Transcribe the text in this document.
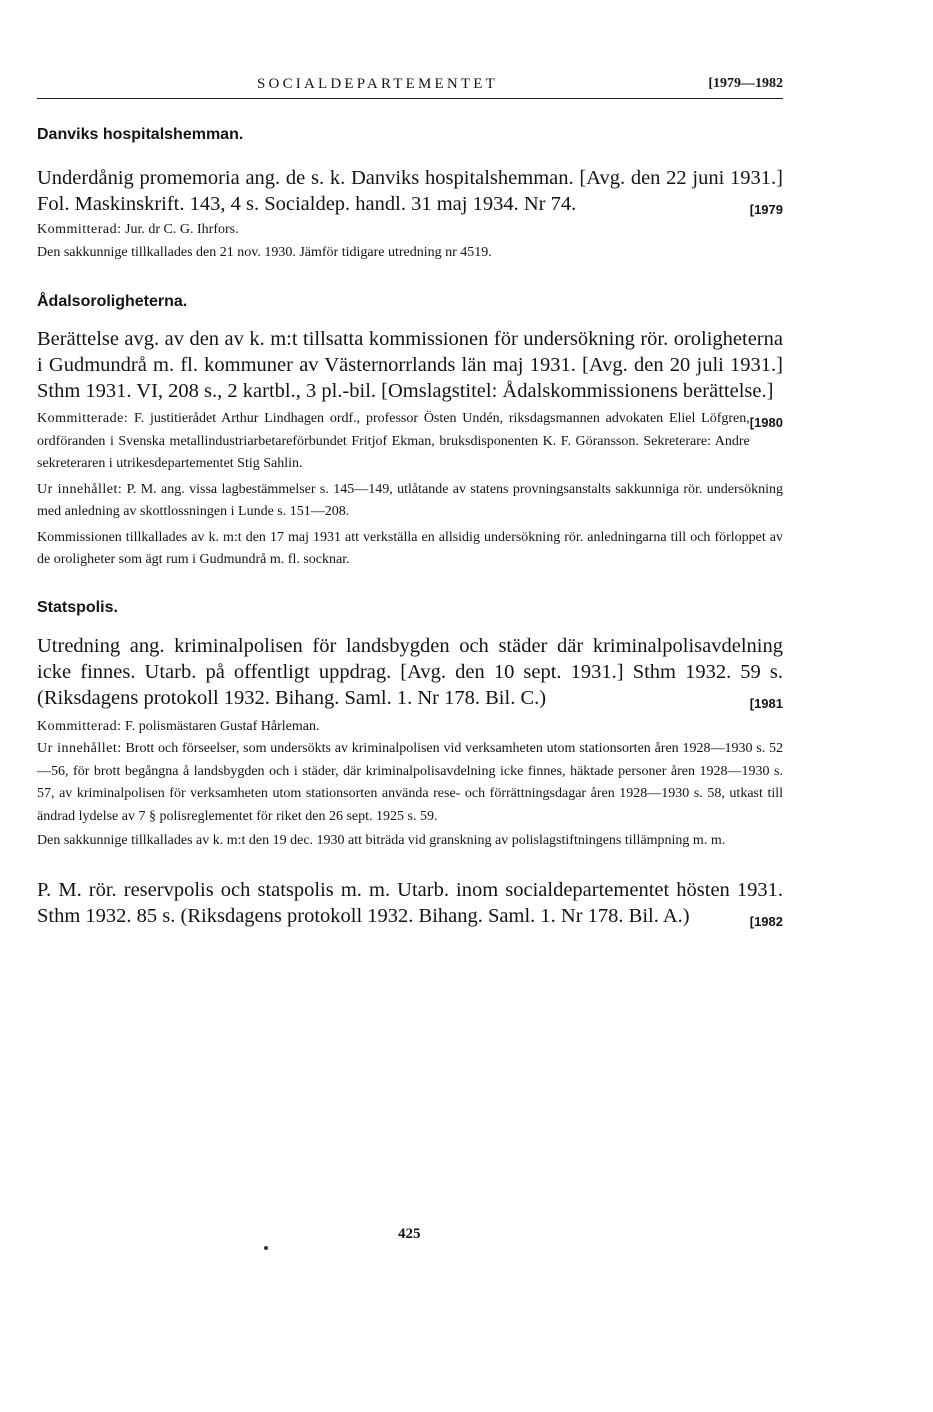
SOCIALDEPARTEMENTET	[1979—1982
Danviks hospitalshemman.

Underdånig promemoria ang. de s. k. Danviks hospitalshemman. [Avg. den 22 juni 1931.] Fol. Maskinskrift. 143, 4 s. Socialdep. handl. 31 maj 1934. Nr 74.	[1979

Kommitterad: Jur. dr C. G. Ihrfors.

Den sakkunnige tillkallades den 21 nov. 1930. Jämför tidigare utredning nr 4519.

Ådalsoroligheterna.

Berättelse avg. av den av k. m:t tillsatta kommissionen för undersökning rör. oroligheterna i Gudmundrå m. fl. kommuner av Västernorrlands län maj 1931. [Avg. den 20 juli 1931.] Sthm 1931. VI, 208 s., 2 kartbl., 3 pl.-bil. [Omslagstitel: Ådalskommissionens berättelse.]
[1980

Kommitterade: F. justitierådet Arthur Lindhagen ordf., professor Östen Undén, riksdagsmannen advokaten Eliel Löfgren, ordföranden i Svenska metallindustriarbetareförbundet Fritjof Ekman, bruksdisponenten K. F. Göransson. Sekreterare: Andre sekreteraren i utrikesdepartementet Stig Sahlin.

Ur innehållet: P. M. ang. vissa lagbestämmelser s. 145—149, utlåtande av statens provningsanstalts sakkunniga rör. undersökning med anledning av skottlossningen i Lunde s. 151—208.

Kommissionen tillkallades av k. m:t den 17 maj 1931 att verkställa en allsidig undersökning rör. anledningarna till och förloppet av de oroligheter som ägt rum i Gudmundrå m. fl. socknar.

Statspolis.

Utredning ang. kriminalpolisen för landsbygden och städer där kriminalpolisavdelning icke finnes. Utarb. på offentligt uppdrag. [Avg. den 10 sept. 1931.] Sthm 1932. 59 s. (Riksdagens protokoll 1932. Bihang. Saml. 1. Nr 178. Bil. C.)	[1981

Kommitterad: F. polismästaren Gustaf Hårleman.

Ur innehållet: Brott och förseelser, som undersökts av kriminalpolisen vid verksamheten utom stationsorten åren 1928—1930 s. 52—56, för brott begångna å landsbygden och i städer, där kriminalpolisavdelning icke finnes, häktade personer åren 1928—1930 s. 57, av kriminalpolisen för verksamheten utom stationsorten använda rese- och förrättningsdagar åren 1928—1930 s. 58, utkast till ändrad lydelse av 7 § polisreglementet för riket den 26 sept. 1925 s. 59.

Den sakkunnige tillkallades av k. m:t den 19 dec. 1930 att biträda vid granskning av polislagstiftningens tillämpning m. m.

P. M. rör. reservpolis och statspolis m. m. Utarb. inom socialdepartementet hösten 1931. Sthm 1932. 85 s. (Riksdagens protokoll 1932. Bihang. Saml. 1. Nr 178. Bil. A.)	[1982

425
